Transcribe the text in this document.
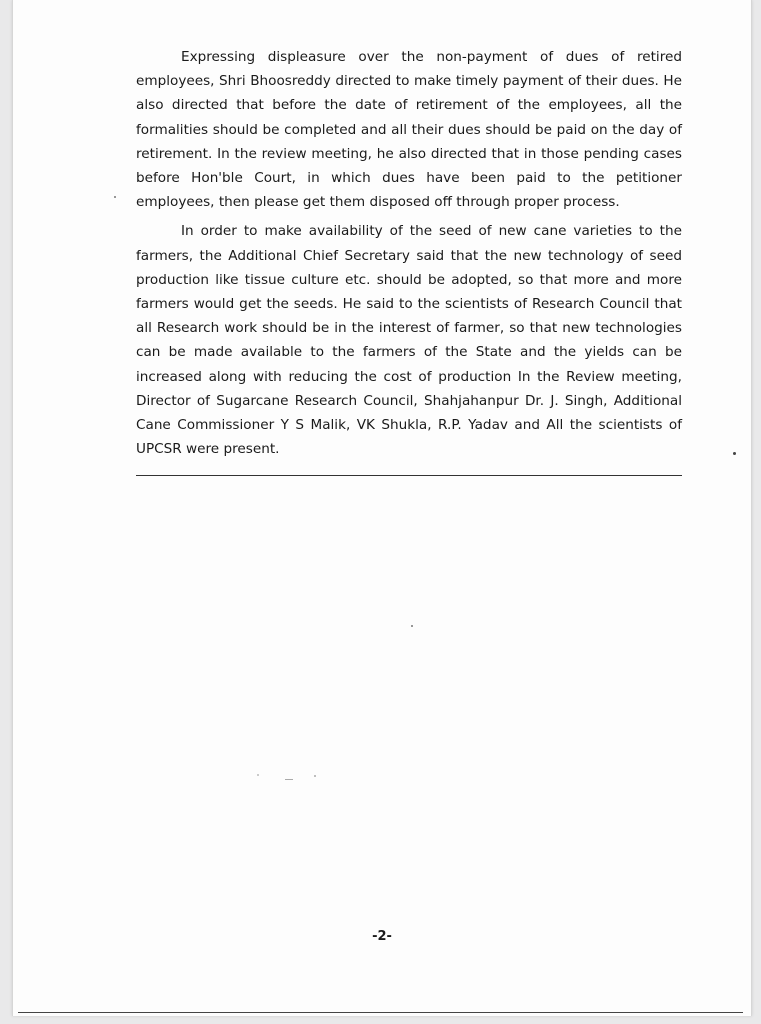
Expressing displeasure over the non-payment of dues of retired employees, Shri Bhoosreddy directed to make timely payment of their dues. He also directed that before the date of retirement of the employees, all the formalities should be completed and all their dues should be paid on the day of retirement. In the review meeting, he also directed that in those pending cases before Hon'ble Court, in which dues have been paid to the petitioner employees, then please get them disposed off through proper process.

In order to make availability of the seed of new cane varieties to the farmers, the Additional Chief Secretary said that the new technology of seed production like tissue culture etc. should be adopted, so that more and more farmers would get the seeds. He said to the scientists of Research Council that all Research work should be in the interest of farmer, so that new technologies can be made available to the farmers of the State and the yields can be increased along with reducing the cost of production In the Review meeting, Director of Sugarcane Research Council, Shahjahanpur Dr. J. Singh, Additional Cane Commissioner Y S Malik, VK Shukla, R.P. Yadav and All the scientists of UPCSR were present.

-2-
